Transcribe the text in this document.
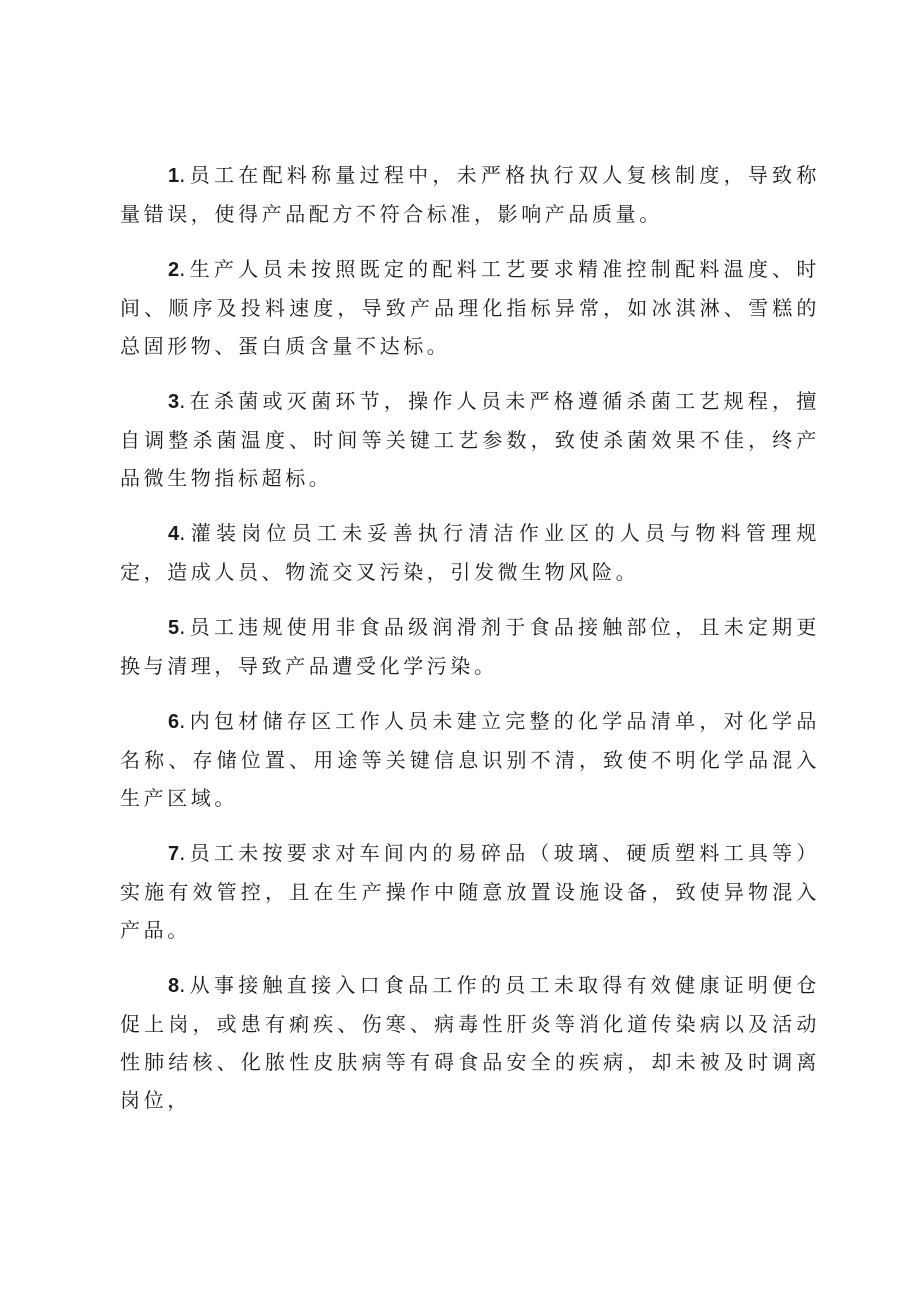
1.员工在配料称量过程中，未严格执行双人复核制度，导致称量错误，使得产品配方不符合标准，影响产品质量。

2.生产人员未按照既定的配料工艺要求精准控制配料温度、时间、顺序及投料速度，导致产品理化指标异常，如冰淇淋、雪糕的总固形物、蛋白质含量不达标。

3.在杀菌或灭菌环节，操作人员未严格遵循杀菌工艺规程，擅自调整杀菌温度、时间等关键工艺参数，致使杀菌效果不佳，终产品微生物指标超标。

4.灌装岗位员工未妥善执行清洁作业区的人员与物料管理规定，造成人员、物流交叉污染，引发微生物风险。

5.员工违规使用非食品级润滑剂于食品接触部位，且未定期更换与清理，导致产品遭受化学污染。

6.内包材储存区工作人员未建立完整的化学品清单，对化学品名称、存储位置、用途等关键信息识别不清，致使不明化学品混入生产区域。

7.员工未按要求对车间内的易碎品（玻璃、硬质塑料工具等）实施有效管控，且在生产操作中随意放置设施设备，致使异物混入产品。

8.从事接触直接入口食品工作的员工未取得有效健康证明便仓促上岗，或患有痢疾、伤寒、病毒性肝炎等消化道传染病以及活动性肺结核、化脓性皮肤病等有碍食品安全的疾病，却未被及时调离岗位，
